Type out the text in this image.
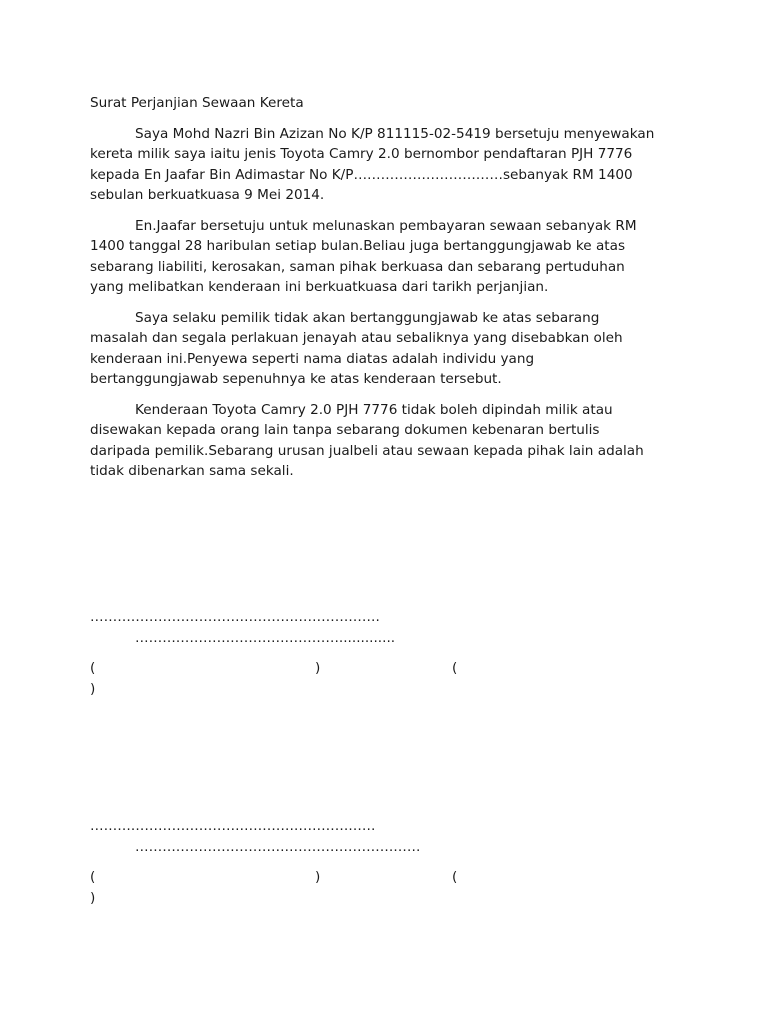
Surat Perjanjian Sewaan Kereta

Saya Mohd Nazri Bin Azizan No K/P 811115-02-5419 bersetuju menyewakan
kereta milik saya iaitu jenis Toyota Camry 2.0 bernombor pendaftaran PJH 7776
kepada En Jaafar Bin Adimastar No K/P……………………………sebanyak RM 1400
sebulan berkuatkuasa 9 Mei 2014.

En.Jaafar bersetuju untuk melunaskan pembayaran sewaan sebanyak RM
1400 tanggal 28 haribulan setiap bulan.Beliau juga bertanggungjawab ke atas
sebarang liabiliti, kerosakan, saman pihak berkuasa dan sebarang pertuduhan
yang melibatkan kenderaan ini berkuatkuasa dari tarikh perjanjian.

Saya selaku pemilik tidak akan bertanggungjawab ke atas sebarang
masalah dan segala perlakuan jenayah atau sebaliknya yang disebabkan oleh
kenderaan ini.Penyewa seperti nama diatas adalah individu yang
bertanggungjawab sepenuhnya ke atas kenderaan tersebut.

Kenderaan Toyota Camry 2.0 PJH 7776 tidak boleh dipindah milik atau
disewakan kepada orang lain tanpa sebarang dokumen kebenaran bertulis
daripada pemilik.Sebarang urusan jualbeli atau sewaan kepada pihak lain adalah
tidak dibenarkan sama sekali.

……………………………………………………….
……………………………………….............
(	)	(
)
………………………………………………………
………………………………………………………
(	)	(
)
